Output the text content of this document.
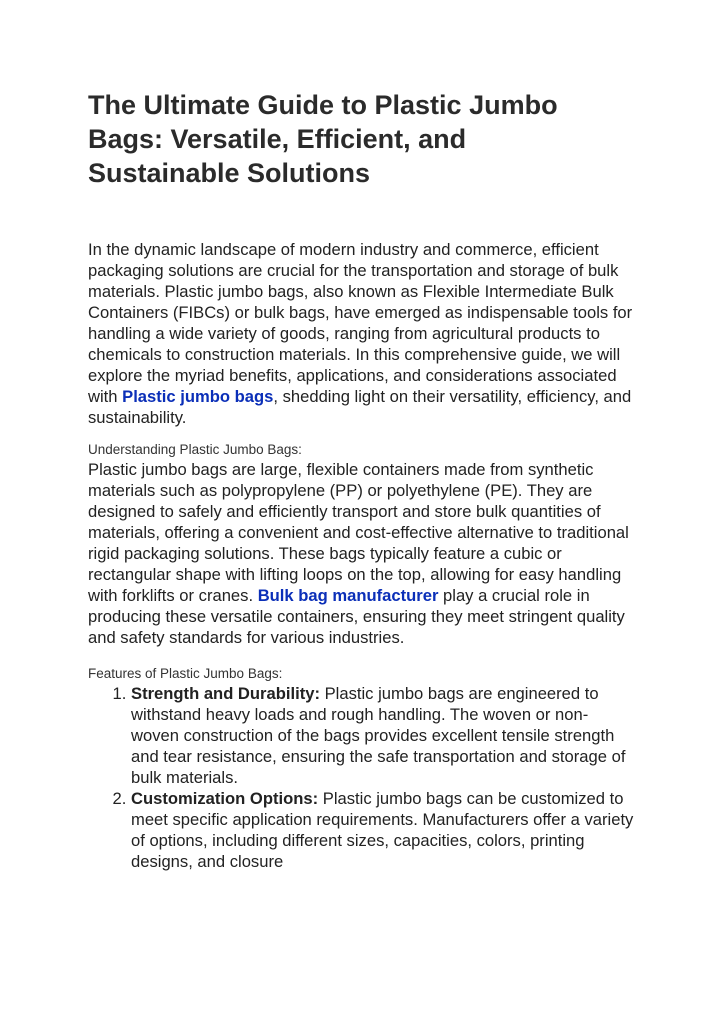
The Ultimate Guide to Plastic Jumbo Bags: Versatile, Efficient, and Sustainable Solutions

In the dynamic landscape of modern industry and commerce, efficient packaging solutions are crucial for the transportation and storage of bulk materials. Plastic jumbo bags, also known as Flexible Intermediate Bulk Containers (FIBCs) or bulk bags, have emerged as indispensable tools for handling a wide variety of goods, ranging from agricultural products to chemicals to construction materials. In this comprehensive guide, we will explore the myriad benefits, applications, and considerations associated with Plastic jumbo bags, shedding light on their versatility, efficiency, and sustainability.

Understanding Plastic Jumbo Bags:

Plastic jumbo bags are large, flexible containers made from synthetic materials such as polypropylene (PP) or polyethylene (PE). They are designed to safely and efficiently transport and store bulk quantities of materials, offering a convenient and cost-effective alternative to traditional rigid packaging solutions. These bags typically feature a cubic or rectangular shape with lifting loops on the top, allowing for easy handling with forklifts or cranes. Bulk bag manufacturer play a crucial role in producing these versatile containers, ensuring they meet stringent quality and safety standards for various industries.

Features of Plastic Jumbo Bags:

1. Strength and Durability: Plastic jumbo bags are engineered to withstand heavy loads and rough handling. The woven or non-woven construction of the bags provides excellent tensile strength and tear resistance, ensuring the safe transportation and storage of bulk materials.
2. Customization Options: Plastic jumbo bags can be customized to meet specific application requirements. Manufacturers offer a variety of options, including different sizes, capacities, colors, printing designs, and closure
